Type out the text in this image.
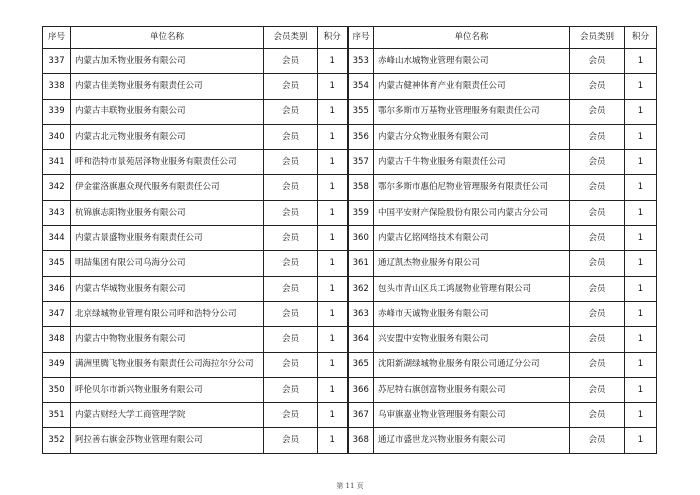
序号	单位名称	会员类别	积分	序号	单位名称	会员类别	积分
337	内蒙古加禾物业服务有限公司	会员	1	353	赤峰山水城物业管理有限公司	会员	1
338	内蒙古佳美物业服务有限责任公司	会员	1	354	内蒙古健神体育产业有限责任公司	会员	1
339	内蒙古丰联物业服务有限公司	会员	1	355	鄂尔多斯市万基物业管理服务有限责任公司	会员	1
340	内蒙古北元物业服务有限公司	会员	1	356	内蒙古分众物业服务有限公司	会员	1
341	呼和浩特市景苑居泽物业服务有限责任公司	会员	1	357	内蒙古千牛物业服务有限责任公司	会员	1
342	伊金霍洛旗惠众现代服务有限责任公司	会员	1	358	鄂尔多斯市惠伯尼物业管理服务有限责任公司	会员	1
343	杭锦旗志阳物业服务有限公司	会员	1	359	中国平安财产保险股份有限公司内蒙古分公司	会员	1
344	内蒙古景盛物业服务有限责任公司	会员	1	360	内蒙古亿铭网络技术有限公司	会员	1
345	明喆集团有限公司乌海分公司	会员	1	361	通辽凯杰物业服务有限公司	会员	1
346	内蒙古华城物业服务有限公司	会员	1	362	包头市青山区兵工鸿晟物业管理有限公司	会员	1
347	北京绿城物业管理有限公司呼和浩特分公司	会员	1	363	赤峰市天诚物业服务有限公司	会员	1
348	内蒙古中物物业服务有限公司	会员	1	364	兴安盟中安物业服务有限公司	会员	1
349	满洲里腾飞物业服务有限责任公司海拉尔分公司	会员	1	365	沈阳新湖绿城物业服务有限公司通辽分公司	会员	1
350	呼伦贝尔市新兴物业服务有限公司	会员	1	366	苏尼特右旗创富物业服务有限公司	会员	1
351	内蒙古财经大学工商管理学院	会员	1	367	乌审旗嘉业物业管理服务有限公司	会员	1
352	阿拉善右旗金莎物业管理有限公司	会员	1	368	通辽市盛世龙兴物业服务有限公司	会员	1
第 11 页
